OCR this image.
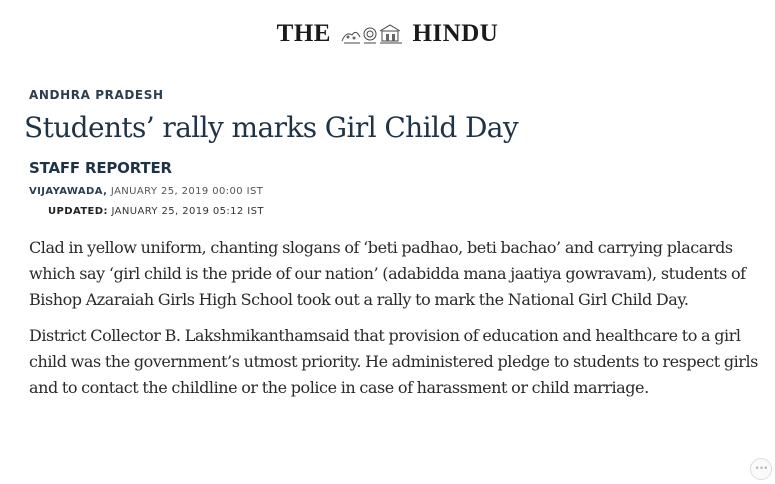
THE	HINDU
ANDHRA PRADESH
Students’ rally marks Girl Child Day
STAFF REPORTER
VIJAYAWADA, JANUARY 25, 2019 00:00 IST
UPDATED: JANUARY 25, 2019 05:12 IST

Clad in yellow uniform, chanting slogans of ‘beti padhao, beti bachao’ and carrying placards which say ‘girl child is the pride of our nation’ (adabidda mana jaatiya gowravam), students of Bishop Azaraiah Girls High School took out a rally to mark the National Girl Child Day.

District Collector B. Lakshmikanthamsaid that provision of education and healthcare to a girl child was the government’s utmost priority. He administered pledge to students to respect girls and to contact the childline or the police in case of harassment or child marriage.

•••
